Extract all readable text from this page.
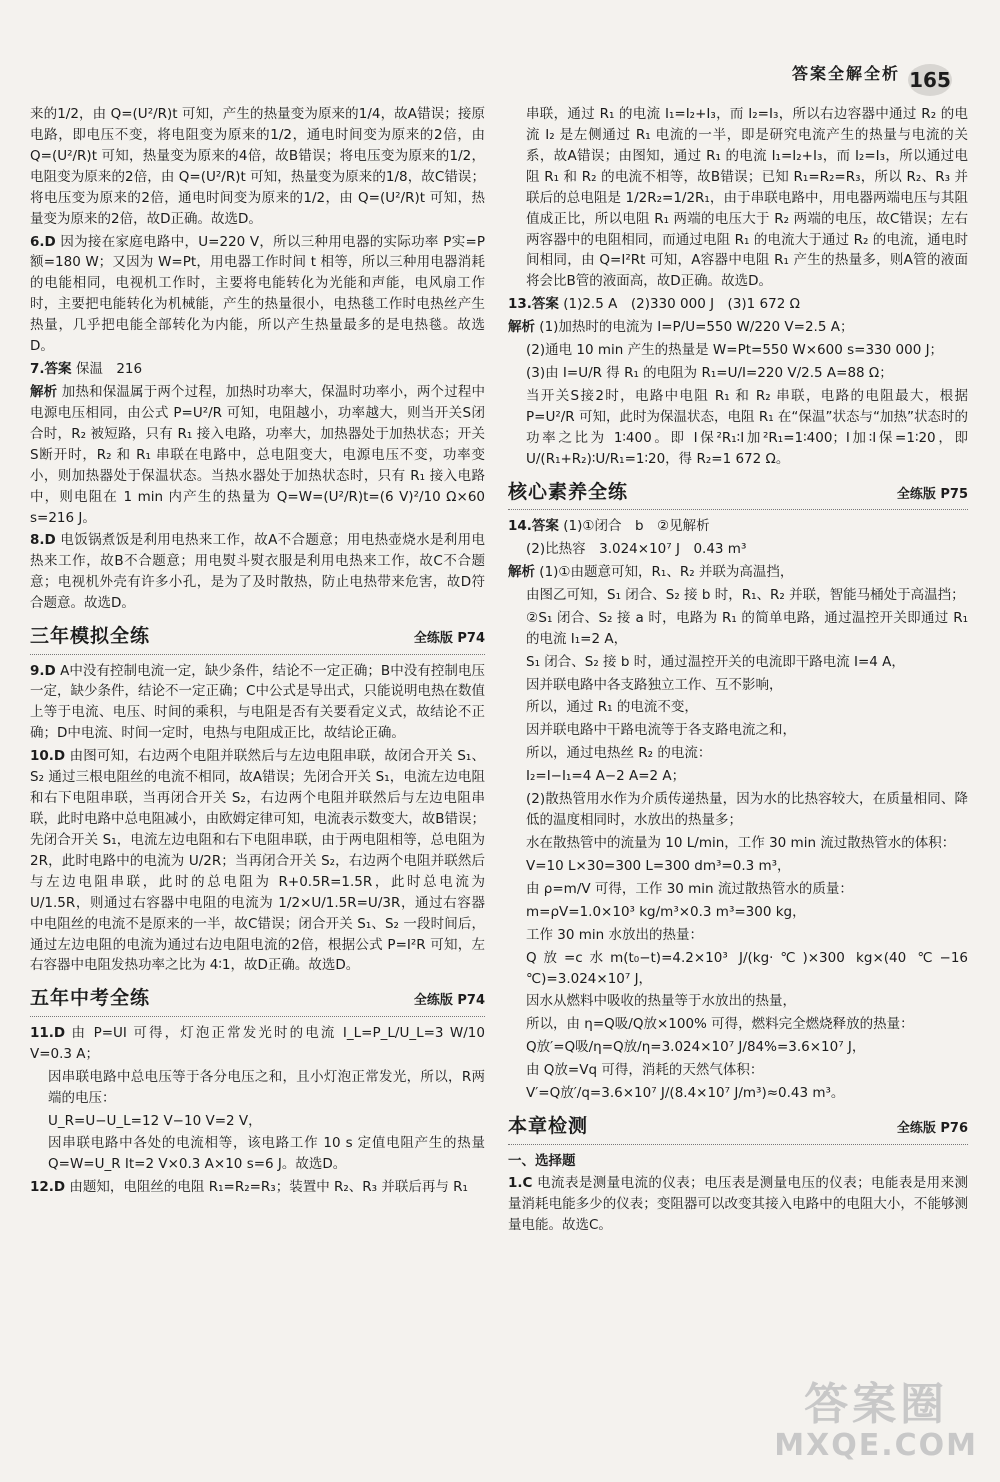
答案全解全析 165

来的1/2，由 Q=(U²/R)t 可知，产生的热量变为原来的1/4，故A错误；接原电路，即电压不变，将电阻变为原来的1/2，通电时间变为原来的2倍，由 Q=(U²/R)t 可知，热量变为原来的4倍，故B错误；将电压变为原来的1/2，电阻变为原来的2倍，由 Q=(U²/R)t 可知，热量变为原来的1/8，故C错误；将电压变为原来的2倍，通电时间变为原来的1/2，由 Q=(U²/R)t 可知，热量变为原来的2倍，故D正确。故选D。

6.D 因为接在家庭电路中，U=220 V，所以三种用电器的实际功率 P实=P额=180 W；又因为 W=Pt，用电器工作时间 t 相等，所以三种用电器消耗的电能相同，电视机工作时，主要将电能转化为光能和声能，电风扇工作时，主要把电能转化为机械能，产生的热量很小，电热毯工作时电热丝产生热量，几乎把电能全部转化为内能，所以产生热量最多的是电热毯。故选D。

7.答案 保温　216

解析 加热和保温属于两个过程，加热时功率大，保温时功率小，两个过程中电源电压相同，由公式 P=U²/R 可知，电阻越小，功率越大，则当开关S闭合时，R₂ 被短路，只有 R₁ 接入电路，功率大，加热器处于加热状态；开关S断开时，R₂ 和 R₁ 串联在电路中，总电阻变大，电源电压不变，功率变小，则加热器处于保温状态。当热水器处于加热状态时，只有 R₁ 接入电路中，则电阻在 1 min 内产生的热量为 Q=W=(U²/R)t=(6 V)²/10 Ω×60 s=216 J。

8.D 电饭锅煮饭是利用电热来工作，故A不合题意；用电热壶烧水是利用电热来工作，故B不合题意；用电熨斗熨衣服是利用电热来工作，故C不合题意；电视机外壳有许多小孔，是为了及时散热，防止电热带来危害，故D符合题意。故选D。

三年模拟全练	全练版 P74

9.D A中没有控制电流一定，缺少条件，结论不一定正确；B中没有控制电压一定，缺少条件，结论不一定正确；C中公式是导出式，只能说明电热在数值上等于电流、电压、时间的乘积，与电阻是否有关要看定义式，故结论不正确；D中电流、时间一定时，电热与电阻成正比，故结论正确。

10.D 由图可知，右边两个电阻并联然后与左边电阻串联，故闭合开关 S₁、S₂ 通过三根电阻丝的电流不相同，故A错误；先闭合开关 S₁，电流左边电阻和右下电阻串联，当再闭合开关 S₂，右边两个电阻并联然后与左边电阻串联，此时电路中总电阻减小，由欧姆定律可知，电流表示数变大，故B错误；先闭合开关 S₁，电流左边电阻和右下电阻串联，由于两电阻相等，总电阻为 2R，此时电路中的电流为 U/2R；当再闭合开关 S₂，右边两个电阻并联然后与左边电阻串联，此时的总电阻为 R+0.5R=1.5R，此时总电流为 U/1.5R，则通过右容器中电阻的电流为 1/2×U/1.5R=U/3R，通过右容器中电阻丝的电流不是原来的一半，故C错误；闭合开关 S₁、S₂ 一段时间后，通过左边电阻的电流为通过右边电阻电流的2倍，根据公式 P=I²R 可知，左右容器中电阻发热功率之比为 4∶1，故D正确。故选D。

五年中考全练	全练版 P74

11.D 由 P=UI 可得，灯泡正常发光时的电流 I_L=P_L/U_L=3 W/10 V=0.3 A；

因串联电路中总电压等于各分电压之和，且小灯泡正常发光，所以，R两端的电压：

U_R=U−U_L=12 V−10 V=2 V，

因串联电路中各处的电流相等，该电路工作 10 s 定值电阻产生的热量 Q=W=U_R It=2 V×0.3 A×10 s=6 J。故选D。

12.D 由题知，电阻丝的电阻 R₁=R₂=R₃；装置中 R₂、R₃ 并联后再与 R₁

串联，通过 R₁ 的电流 I₁=I₂+I₃，而 I₂=I₃，所以右边容器中通过 R₂ 的电流 I₂ 是左侧通过 R₁ 电流的一半，即是研究电流产生的热量与电流的关系，故A错误；由图知，通过 R₁ 的电流 I₁=I₂+I₃，而 I₂=I₃，所以通过电阻 R₁ 和 R₂ 的电流不相等，故B错误；已知 R₁=R₂=R₃，所以 R₂、R₃ 并联后的总电阻是 1/2R₂=1/2R₁，由于串联电路中，用电器两端电压与其阻值成正比，所以电阻 R₁ 两端的电压大于 R₂ 两端的电压，故C错误；左右两容器中的电阻相同，而通过电阻 R₁ 的电流大于通过 R₂ 的电流，通电时间相同，由 Q=I²Rt 可知，A容器中电阻 R₁ 产生的热量多，则A管的液面将会比B管的液面高，故D正确。故选D。

13.答案 (1)2.5 A　(2)330 000 J　(3)1 672 Ω

解析 (1)加热时的电流为 I=P/U=550 W/220 V=2.5 A；

(2)通电 10 min 产生的热量是 W=Pt=550 W×600 s=330 000 J；

(3)由 I=U/R 得 R₁ 的电阻为 R₁=U/I=220 V/2.5 A=88 Ω；

当开关S接2时，电路中电阻 R₁ 和 R₂ 串联，电路的电阻最大，根据 P=U²/R 可知，此时为保温状态，电阻 R₁ 在“保温”状态与“加热”状态时的功率之比为 1∶400。即 I保²R₁∶I加²R₁=1∶400；I加∶I保=1∶20，即 U/(R₁+R₂)∶U/R₁=1∶20，得 R₂=1 672 Ω。

核心素养全练	全练版 P75

14.答案 (1)①闭合　b　②见解析

(2)比热容　3.024×10⁷ J　0.43 m³

解析 (1)①由题意可知，R₁、R₂ 并联为高温挡，

由图乙可知，S₁ 闭合、S₂ 接 b 时，R₁、R₂ 并联，智能马桶处于高温挡；

②S₁ 闭合、S₂ 接 a 时，电路为 R₁ 的简单电路，通过温控开关即通过 R₁ 的电流 I₁=2 A，

S₁ 闭合、S₂ 接 b 时，通过温控开关的电流即干路电流 I=4 A，

因并联电路中各支路独立工作、互不影响，

所以，通过 R₁ 的电流不变，

因并联电路中干路电流等于各支路电流之和，

所以，通过电热丝 R₂ 的电流：

I₂=I−I₁=4 A−2 A=2 A；

(2)散热管用水作为介质传递热量，因为水的比热容较大，在质量相同、降低的温度相同时，水放出的热量多；

水在散热管中的流量为 10 L/min，工作 30 min 流过散热管水的体积：

V=10 L×30=300 L=300 dm³=0.3 m³，

由 ρ=m/V 可得，工作 30 min 流过散热管水的质量：

m=ρV=1.0×10³ kg/m³×0.3 m³=300 kg，

工作 30 min 水放出的热量：

Q放=c水m(t₀−t)=4.2×10³ J/(kg·℃)×300 kg×(40 ℃−16 ℃)=3.024×10⁷ J，

因水从燃料中吸收的热量等于水放出的热量，

所以，由 η=Q吸/Q放×100% 可得，燃料完全燃烧释放的热量：

Q放′=Q吸/η=Q放/η=3.024×10⁷ J/84%=3.6×10⁷ J，

由 Q放=Vq 可得，消耗的天然气体积：

V′=Q放′/q=3.6×10⁷ J/(8.4×10⁷ J/m³)≈0.43 m³。

本章检测	全练版 P76
一、选择题

1.C 电流表是测量电流的仪表；电压表是测量电压的仪表；电能表是用来测量消耗电能多少的仪表；变阻器可以改变其接入电路中的电阻大小，不能够测量电能。故选C。

答案圈
MXQE.COM
